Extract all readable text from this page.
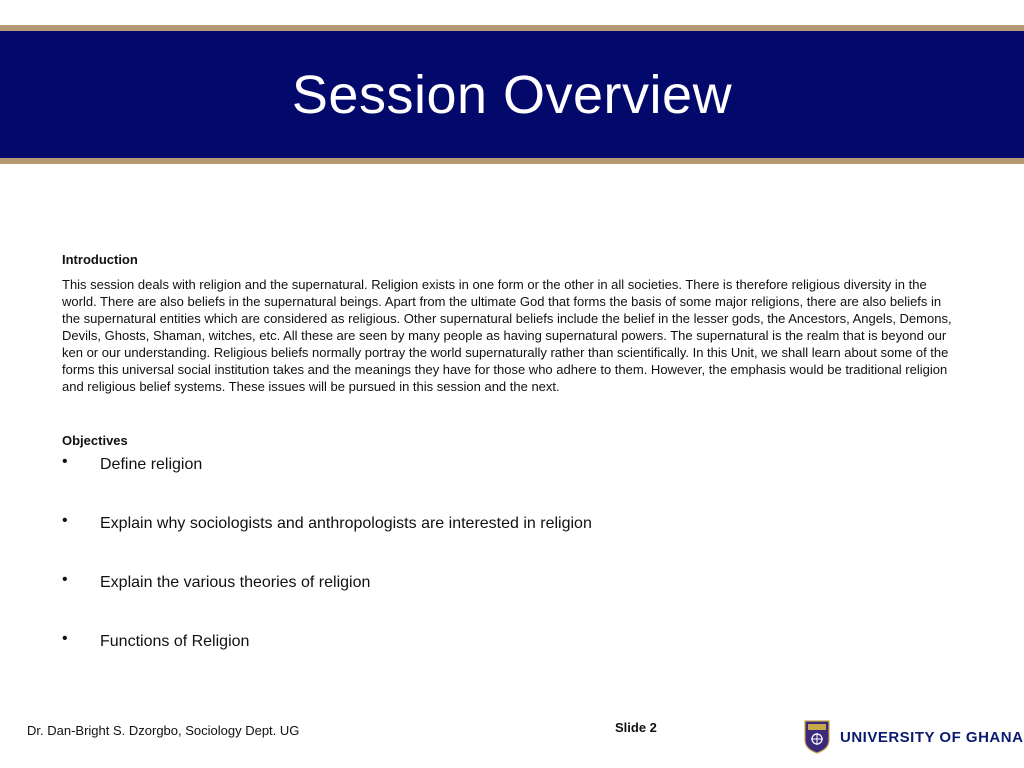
Session Overview

Introduction

This session deals with religion and the supernatural. Religion exists in one form or the other in all societies. There is therefore religious diversity in the world. There are also beliefs in the supernatural beings. Apart from the ultimate God that forms the basis of some major religions, there are also beliefs in the supernatural entities which are considered as religious. Other supernatural beliefs include the belief in the lesser gods, the Ancestors, Angels, Demons, Devils, Ghosts, Shaman, witches, etc. All these are seen by many people as having supernatural powers. The supernatural is the realm that is beyond our ken or our understanding. Religious beliefs normally portray the world supernaturally rather than scientifically. In this Unit, we shall learn about some of the forms this universal social institution takes and the meanings they have for those who adhere to them. However, the emphasis would be traditional religion and religious belief systems. These issues will be pursued in this session and the next.

Objectives

• Define religion
• Explain why sociologists and anthropologists are interested in religion
• Explain the various theories of religion
• Functions of Religion
Dr. Dan-Bright S. Dzorgbo, Sociology Dept. UG	Slide 2
UNIVERSITY OF GHANA
